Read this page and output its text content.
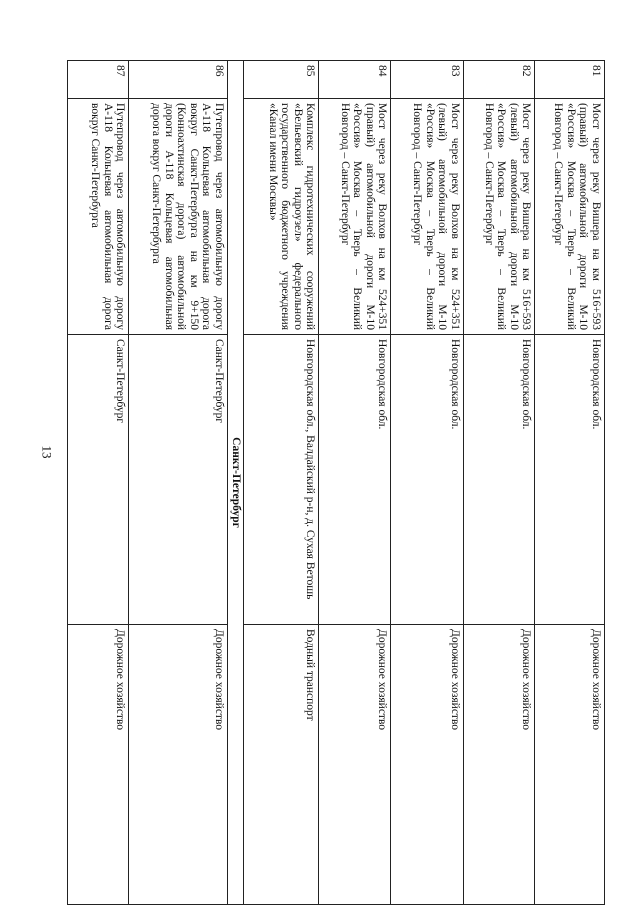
13
81	Мост через реку Вишера на км 516+593 (правый) автомобильной дороги М-10 «Россия» Москва – Тверь – Великий Новгород – Санкт-Петербург	Новгородская обл.	Дорожное хозяйство
82	Мост через реку Вишера на км 516+593 (левый) автомобильной дороги М-10 «Россия» Москва – Тверь – Великий Новгород – Санкт-Петербург	Новгородская обл.	Дорожное хозяйство
83	Мост через реку Волхов на км 524+351 (левый) автомобильной дороги М-10 «Россия» Москва – Тверь – Великий Новгород – Санкт-Петербург	Новгородская обл.	Дорожное хозяйство
84	Мост через реку Волхов на км 524+351 (правый) автомобильной дороги М-10 «Россия» Москва – Тверь – Великий Новгород – Санкт-Петербург	Новгородская обл.	Дорожное хозяйство
85	Комплекс гидротехнических сооружений «Вельевский гидроузел» федерального государственного бюджетного учреждения «Канал имени Москвы»	Новгородская обл., Валдайский р-н, д. Сухая Ветошь	Водный транспорт
Санкт-Петербург			
86	Путепровод через автомобильную дорогу А-118 Кольцевая автомобильная дорога вокруг Санкт-Петербурга на км 9+150 (Конноахтинская дорога) автомобильной дороги А-118 Кольцевая автомобильная дорога вокруг Санкт-Петербурга	Санкт-Петербург	Дорожное хозяйство
87	Путепровод через автомобильную дорогу А-118 Кольцевая автомобильная дорога вокруг Санкт-Петербурга	Санкт-Петербург	Дорожное хозяйство
